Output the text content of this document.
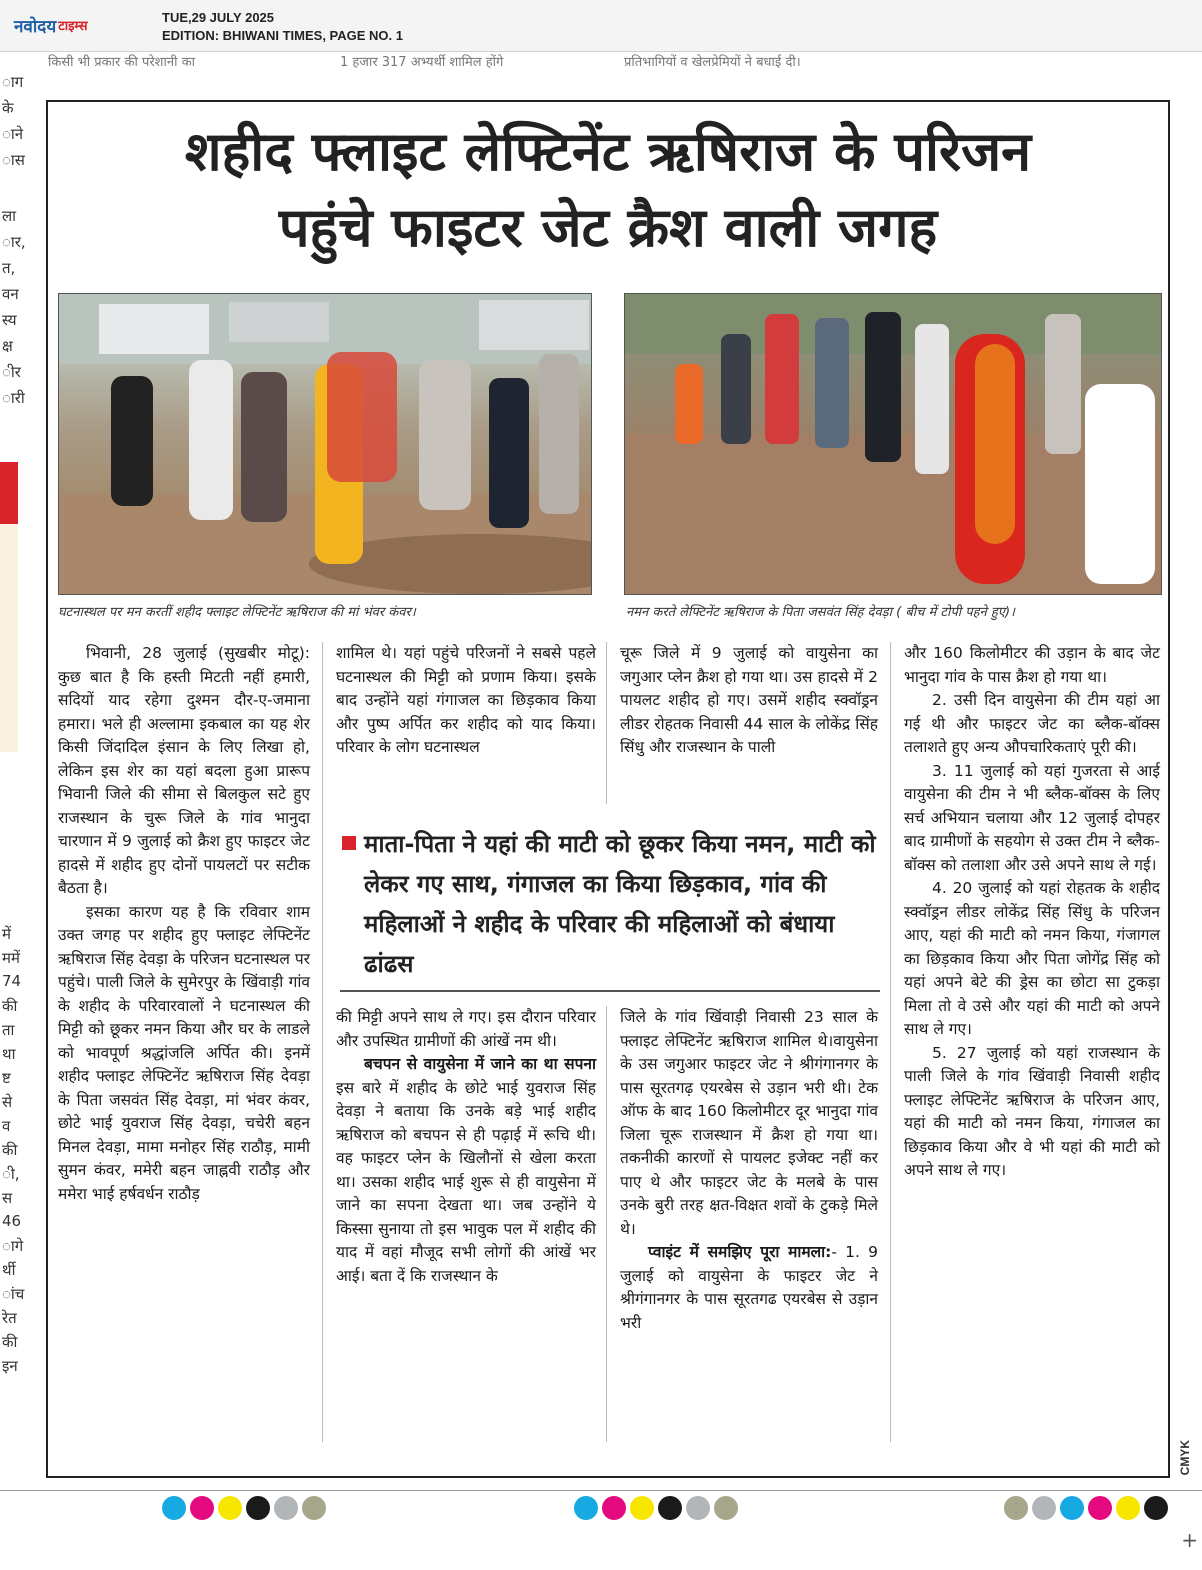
नवोदय टाइम्स
TUE,29 JULY 2025
EDITION: BHIWANI TIMES, PAGE NO. 1
किसी भी प्रकार की परेशानी का	1 हजार 317 अभ्यर्थी शामिल होंगे	प्रतिभागियों व खेलप्रेमियों ने बधाई दी।
ाग
के
ाने
ास
ला
ार,
त,
वन
स्य
क्ष
ीर
ारी
में
ममें
74
की
ता
था
ष्ट
से
व
की
ी,
स
46
ागे
र्थी
ांच
रेत
की
इन
शहीद फ्लाइट लेफ्टिनेंट ऋषिराज के परिजन
पहुंचे फाइटर जेट क्रैश वाली जगह
घटनास्थल पर मन करतीं शहीद फ्लाइट लेफ्टिनेंट ऋषिराज की मां भंवर कंवर।	नमन करते लेफ्टिनेंट ऋषिराज के पिता जसवंत सिंह देवड़ा ( बीच में टोपी पहने हुए)।

भिवानी, 28 जुलाई (सुखबीर मोटू): कुछ बात है कि हस्ती मिटती नहीं हमारी, सदियों याद रहेगा दुश्मन दौर-ए-जमाना हमारा। भले ही अल्लामा इकबाल का यह शेर किसी जिंदादिल इंसान के लिए लिखा हो, लेकिन इस शेर का यहां बदला हुआ प्रारूप भिवानी जिले की सीमा से बिलकुल सटे हुए राजस्थान के चुरू जिले के गांव भानुदा चारणान में 9 जुलाई को क्रैश हुए फाइटर जेट हादसे में शहीद हुए दोनों पायलटों पर सटीक बैठता है।

इसका कारण यह है कि रविवार शाम उक्त जगह पर शहीद हुए फ्लाइट लेफ्टिनेंट ऋषिराज सिंह देवड़ा के परिजन घटनास्थल पर पहुंचे। पाली जिले के सुमेरपुर के खिंवाड़ी गांव के शहीद के परिवारवालों ने घटनास्थल की मिट्टी को छूकर नमन किया और घर के लाडले को भावपूर्ण श्रद्धांजलि अर्पित की। इनमें शहीद फ्लाइट लेफ्टिनेंट ऋषिराज सिंह देवड़ा के पिता जसवंत सिंह देवड़ा, मां भंवर कंवर, छोटे भाई युवराज सिंह देवड़ा, चचेरी बहन मिनल देवड़ा, मामा मनोहर सिंह राठौड़, मामी सुमन कंवर, ममेरी बहन जाह्नवी राठौड़ और ममेरा भाई हर्षवर्धन राठौड़

शामिल थे। यहां पहुंचे परिजनों ने सबसे पहले घटनास्थल की मिट्टी को प्रणाम किया। इसके बाद उन्होंने यहां गंगाजल का छिड़काव किया और पुष्प अर्पित कर शहीद को याद किया। परिवार के लोग घटनास्थल

चूरू जिले में 9 जुलाई को वायुसेना का जगुआर प्लेन क्रैश हो गया था। उस हादसे में 2 पायलट शहीद हो गए। उसमें शहीद स्क्वॉड्रन लीडर रोहतक निवासी 44 साल के लोकेंद्र सिंह सिंधु और राजस्थान के पाली

माता-पिता ने यहां की माटी को छूकर किया नमन, माटी को लेकर गए साथ, गंगाजल का किया छिड़काव, गांव की महिलाओं ने शहीद के परिवार की महिलाओं को बंधाया ढांढस

की मिट्टी अपने साथ ले गए। इस दौरान परिवार और उपस्थित ग्रामीणों की आंखें नम थी।

बचपन से वायुसेना में जाने का था सपना इस बारे में शहीद के छोटे भाई युवराज सिंह देवड़ा ने बताया कि उनके बड़े भाई शहीद ऋषिराज को बचपन से ही पढ़ाई में रूचि थी। वह फाइटर प्लेन के खिलौनों से खेला करता था। उसका शहीद भाई शुरू से ही वायुसेना में जाने का सपना देखता था। जब उन्होंने ये किस्सा सुनाया तो इस भावुक पल में शहीद की याद में वहां मौजूद सभी लोगों की आंखें भर आई। बता दें कि राजस्थान के

जिले के गांव खिंवाड़ी निवासी 23 साल के फ्लाइट लेफ्टिनेंट ऋषिराज शामिल थे।वायुसेना के उस जगुआर फाइटर जेट ने श्रीगंगानगर के पास सूरतगढ़ एयरबेस से उड़ान भरी थी। टेक ऑफ के बाद 160 किलोमीटर दूर भानुदा गांव जिला चूरू राजस्थान में क्रैश हो गया था। तकनीकी कारणों से पायलट इजेक्ट नहीं कर पाए थे और फाइटर जेट के मलबे के पास उनके बुरी तरह क्षत-विक्षत शवों के टुकड़े मिले थे।

प्वाइंट में समझिए पूरा मामला:- 1. 9 जुलाई को वायुसेना के फाइटर जेट ने श्रीगंगानगर के पास सूरतगढ एयरबेस से उड़ान भरी

और 160 किलोमीटर की उड़ान के बाद जेट भानुदा गांव के पास क्रैश हो गया था।

2. उसी दिन वायुसेना की टीम यहां आ गई थी और फाइटर जेट का ब्लैक-बॉक्स तलाशते हुए अन्य औपचारिकताएं पूरी की।

3. 11 जुलाई को यहां गुजरता से आई वायुसेना की टीम ने भी ब्लैक-बॉक्स के लिए सर्च अभियान चलाया और 12 जुलाई दोपहर बाद ग्रामीणों के सहयोग से उक्त टीम ने ब्लैक-बॉक्स को तलाशा और उसे अपने साथ ले गई।

4. 20 जुलाई को यहां रोहतक के शहीद स्क्वॉड्रन लीडर लोकेंद्र सिंह सिंधु के परिजन आए, यहां की माटी को नमन किया, गंजागल का छिड़काव किया और पिता जोगेंद्र सिंह को यहां अपने बेटे की ड्रेस का छोटा सा टुकड़ा मिला तो वे उसे और यहां की माटी को अपने साथ ले गए।

5. 27 जुलाई को यहां राजस्थान के पाली जिले के गांव खिंवाड़ी निवासी शहीद फ्लाइट लेफ्टिनेंट ऋषिराज के परिजन आए, यहां की माटी को नमन किया, गंगाजल का छिड़काव किया और वे भी यहां की माटी को अपने साथ ले गए।

CMYK
+
